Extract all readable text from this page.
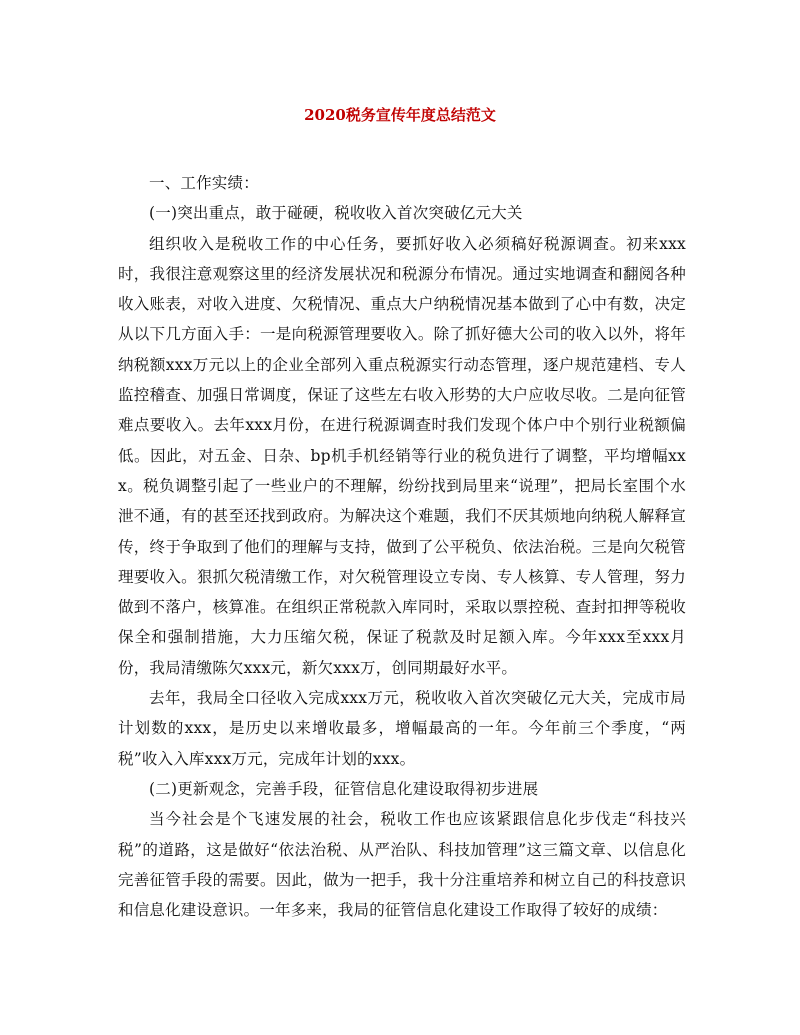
2020税务宣传年度总结范文

一、工作实绩：

(一)突出重点，敢于碰硬，税收收入首次突破亿元大关

组织收入是税收工作的中心任务，要抓好收入必须稿好税源调查。初来xxx时，我很注意观察这里的经济发展状况和税源分布情况。通过实地调查和翻阅各种收入账表，对收入进度、欠税情况、重点大户纳税情况基本做到了心中有数，决定从以下几方面入手：一是向税源管理要收入。除了抓好德大公司的收入以外，将年纳税额xxx万元以上的企业全部列入重点税源实行动态管理，逐户规范建档、专人监控稽查、加强日常调度，保证了这些左右收入形势的大户应收尽收。二是向征管难点要收入。去年xxx月份，在进行税源调查时我们发现个体户中个别行业税额偏低。因此，对五金、日杂、bp机手机经销等行业的税负进行了调整，平均增幅xxx。税负调整引起了一些业户的不理解，纷纷找到局里来“说理”，把局长室围个水泄不通，有的甚至还找到政府。为解决这个难题，我们不厌其烦地向纳税人解释宣传，终于争取到了他们的理解与支持，做到了公平税负、依法治税。三是向欠税管理要收入。狠抓欠税清缴工作，对欠税管理设立专岗、专人核算、专人管理，努力做到不落户，核算准。在组织正常税款入库同时，采取以票控税、查封扣押等税收保全和强制措施，大力压缩欠税，保证了税款及时足额入库。今年xxx至xxx月份，我局清缴陈欠xxx元，新欠xxx万，创同期最好水平。

去年，我局全口径收入完成xxx万元，税收收入首次突破亿元大关，完成市局计划数的xxx，是历史以来增收最多，增幅最高的一年。今年前三个季度，“两税”收入入库xxx万元，完成年计划的xxx。

(二)更新观念，完善手段，征管信息化建设取得初步进展

当今社会是个飞速发展的社会，税收工作也应该紧跟信息化步伐走“科技兴税”的道路，这是做好“依法治税、从严治队、科技加管理”这三篇文章、以信息化完善征管手段的需要。因此，做为一把手，我十分注重培养和树立自己的科技意识和信息化建设意识。一年多来，我局的征管信息化建设工作取得了较好的成绩：
